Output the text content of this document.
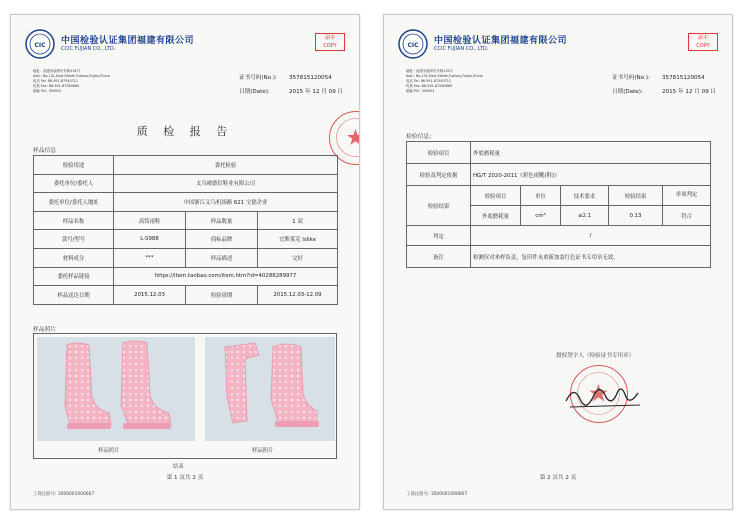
CIC 中国检验认证集团福建有限公司
CCIC FUJIAN CO., LTD.
副本
COPY
地址：福建省福州市东街131号
Add.: No.131,East Street,Fuzhou,Fujian,China
电话 Tel: 86-591-87540711
传真 Fax: 86-591-87580680
邮编 P/C: 350001
证书号码(No.): 357815120054
日期(Date):	2015 年 12 月 09 日
质 检 报 告
样品信息
检验用途	委托检验		
委托单位/委托人	义乌晴德信鞋业有限公司		
委托单位/委托人地址	中国浙江义乌机场路 621 宝德企业		
样品名称	高筒雨鞋	样品数量	1 双
款号/型号	L-S988	商标品牌	宜斯莱克 lslike
材料成分	***	样品描述	完好
委托样品链接	https://item.taobao.com/item.htm?id=40288289977		
样品送达日期	2015.12.03	检验周期	2015.12.03-12.09
样品照片
样品照片	样品照片
结束
第 1 页共 2 页
工商注册号: 3500001000667
CIC 中国检验认证集团福建有限公司
CCIC FUJIAN CO., LTD.
副本
COPY
地址：福建省福州市东街131号
Add.: No.131,East Street,Fuzhou,Fujian,China
电话 Tel: 86-591-87540711
传真 Fax: 86-591-87580680
邮编 P/C: 350001
证书号码(No.): 357815120054
日期(Date):	2015 年 12 月 09 日
检验信息:
检验项目	外底磨耗量				
检验及判定依据	HG/T 2020-2011《彩色雨靴(鞋)》				
检验结果	检验项目	单位	技术要求	检验结果	单项判定
	外底磨耗量	cm³	≤2.1	0.13	符合
判定	/				
备注	检测仅对来样负责，复印件未重新加盖红色证书专用章无效。				
授权签字人（检验证书专用章）
第 2 页共 2 页
工商注册号: 3500001000667
